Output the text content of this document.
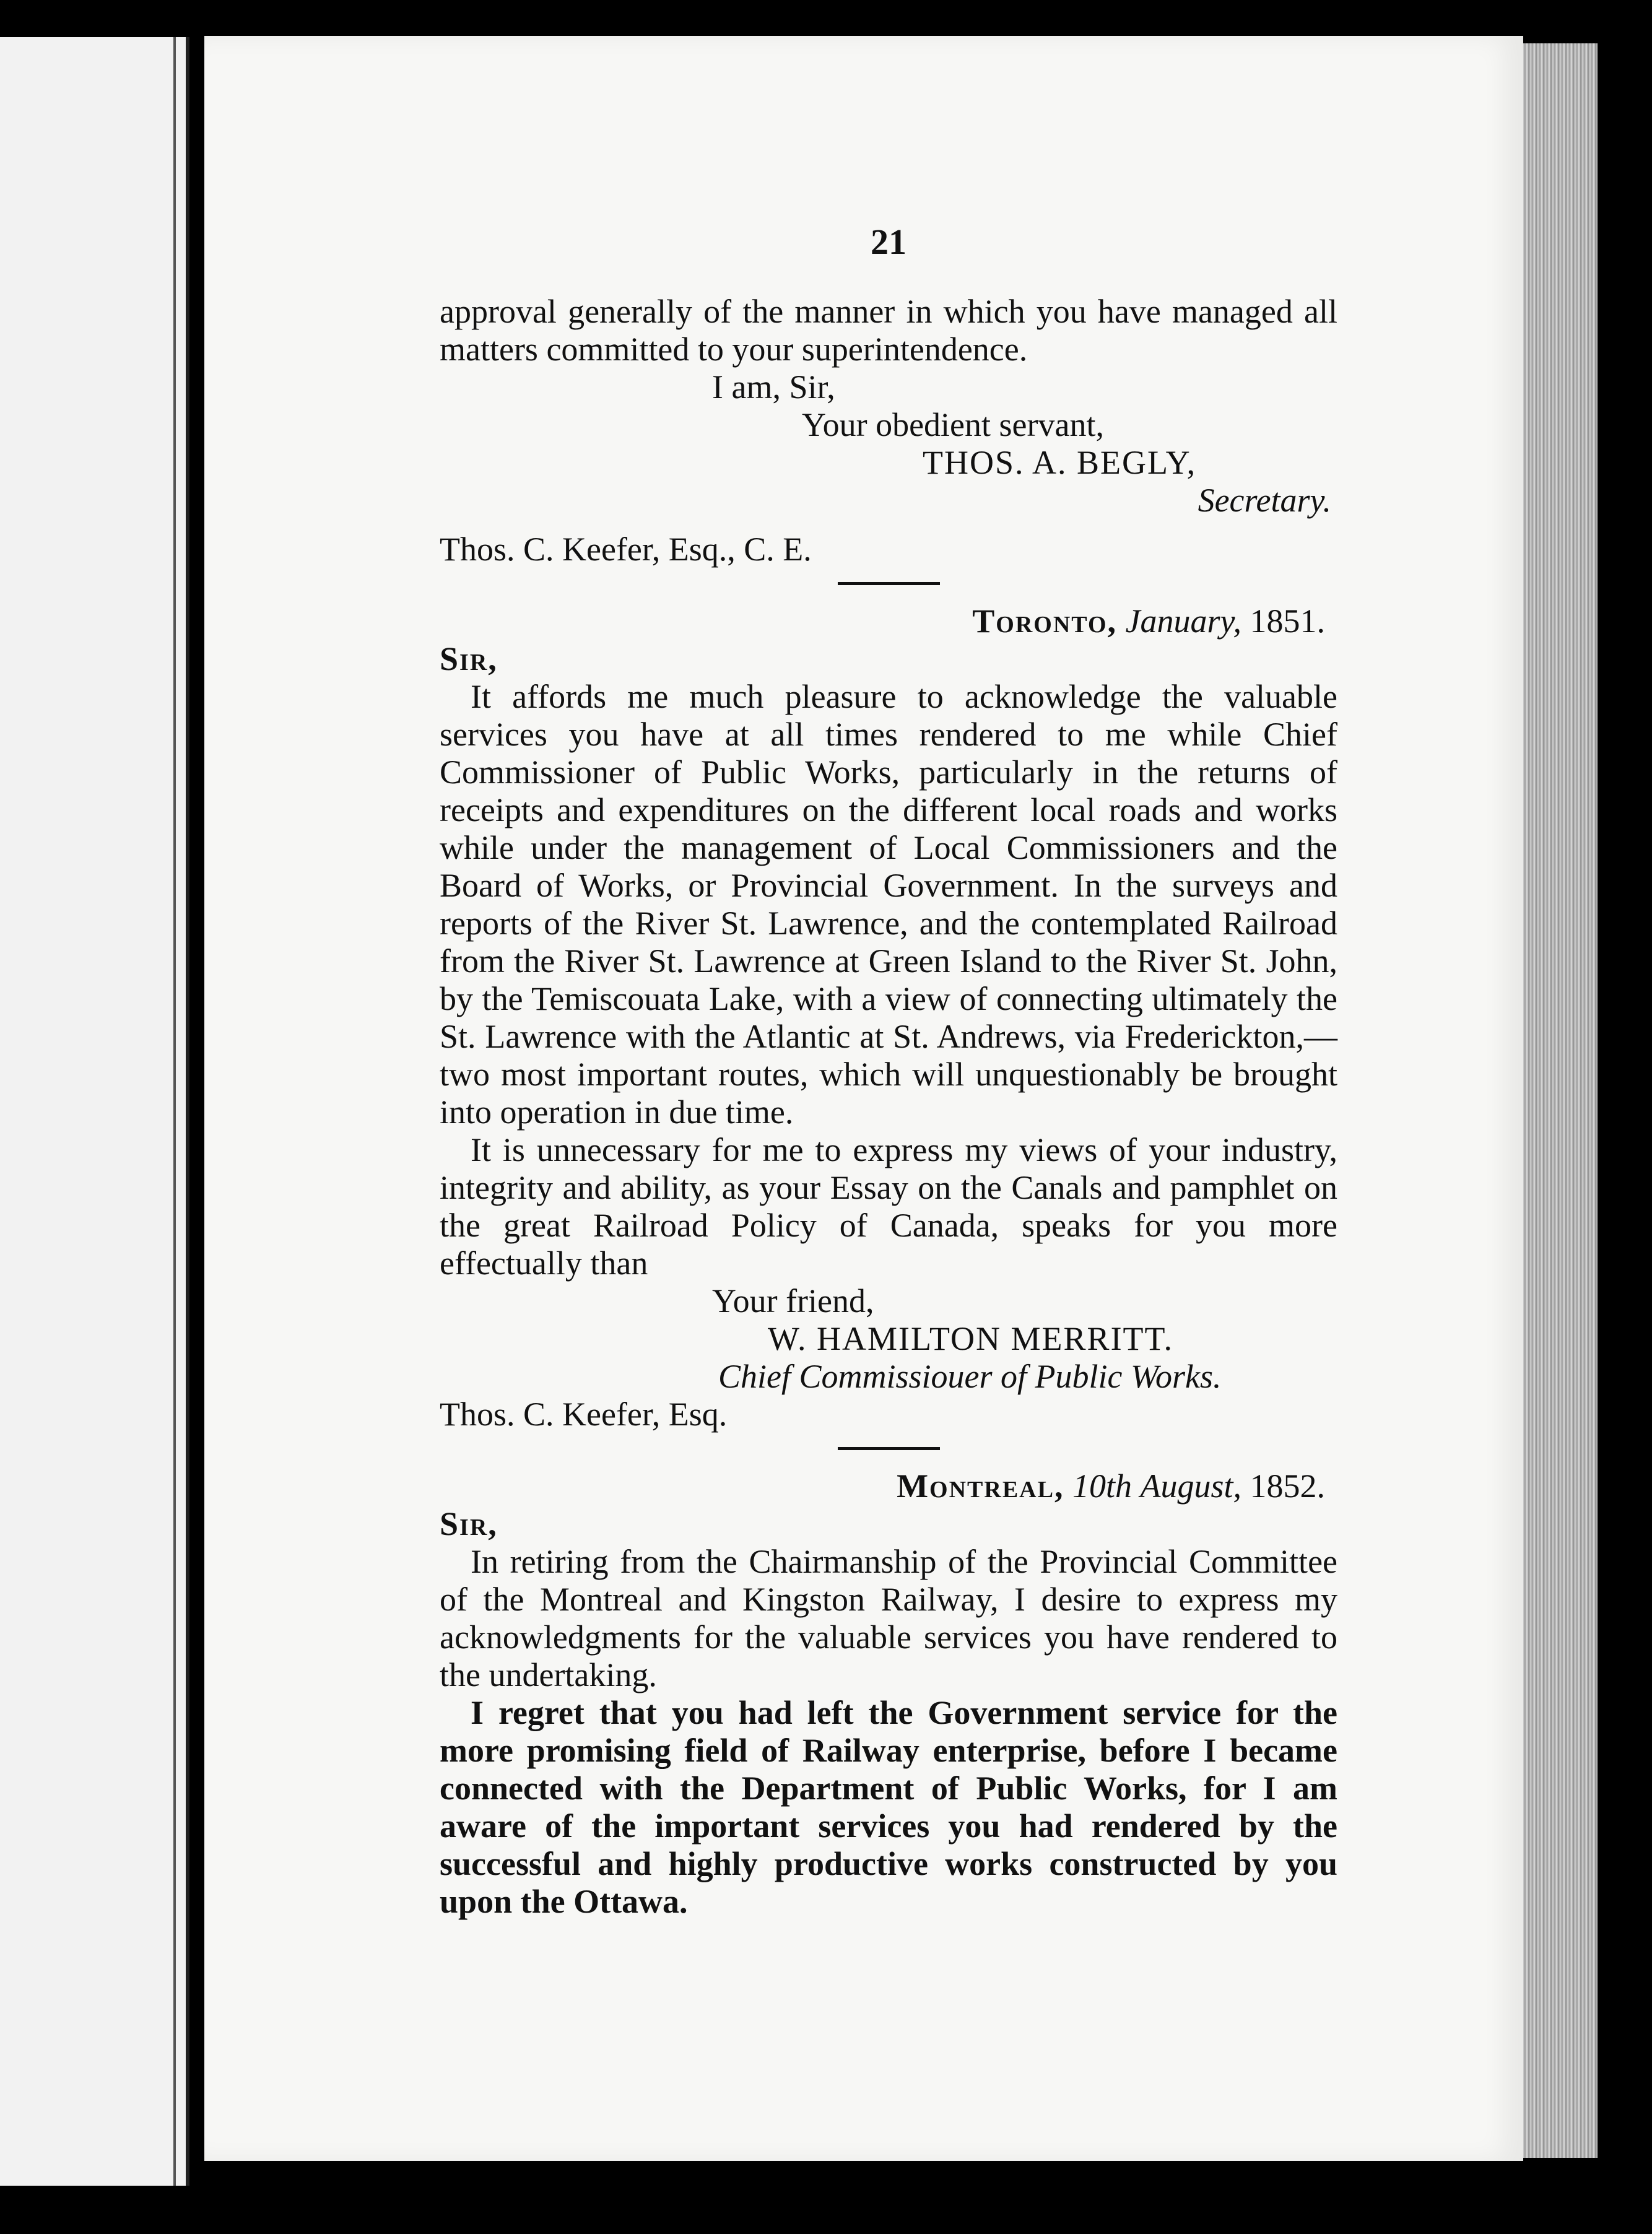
21

approval generally of the manner in which you have managed all matters committed to your superintendence.

I am, Sir,
Your obedient servant,
THOS. A. BEGLY,
Secretary.
Thos. C. Keefer, Esq., C. E.
Toronto, January, 1851.
Sir,

It affords me much pleasure to acknowledge the valuable services you have at all times rendered to me while Chief Commissioner of Public Works, particularly in the returns of receipts and expenditures on the different local roads and works while under the management of Local Commissioners and the Board of Works, or Provincial Government. In the surveys and reports of the River St. Lawrence, and the contemplated Railroad from the River St. Lawrence at Green Island to the River St. John, by the Temiscouata Lake, with a view of connecting ultimately the St. Lawrence with the Atlantic at St. Andrews, via Frederickton,—two most important routes, which will unquestionably be brought into operation in due time.

It is unnecessary for me to express my views of your industry, integrity and ability, as your Essay on the Canals and pamphlet on the great Railroad Policy of Canada, speaks for you more effectually than

Your friend,
W. HAMILTON MERRITT.
Chief Commissiouer of Public Works.
Thos. C. Keefer, Esq.
Montreal, 10th August, 1852.
Sir,

In retiring from the Chairmanship of the Provincial Committee of the Montreal and Kingston Railway, I desire to express my acknowledgments for the valuable services you have rendered to the undertaking.

I regret that you had left the Government service for the more promising field of Railway enterprise, before I became connected with the Department of Public Works, for I am aware of the important services you had rendered by the successful and highly productive works constructed by you upon the Ottawa.
